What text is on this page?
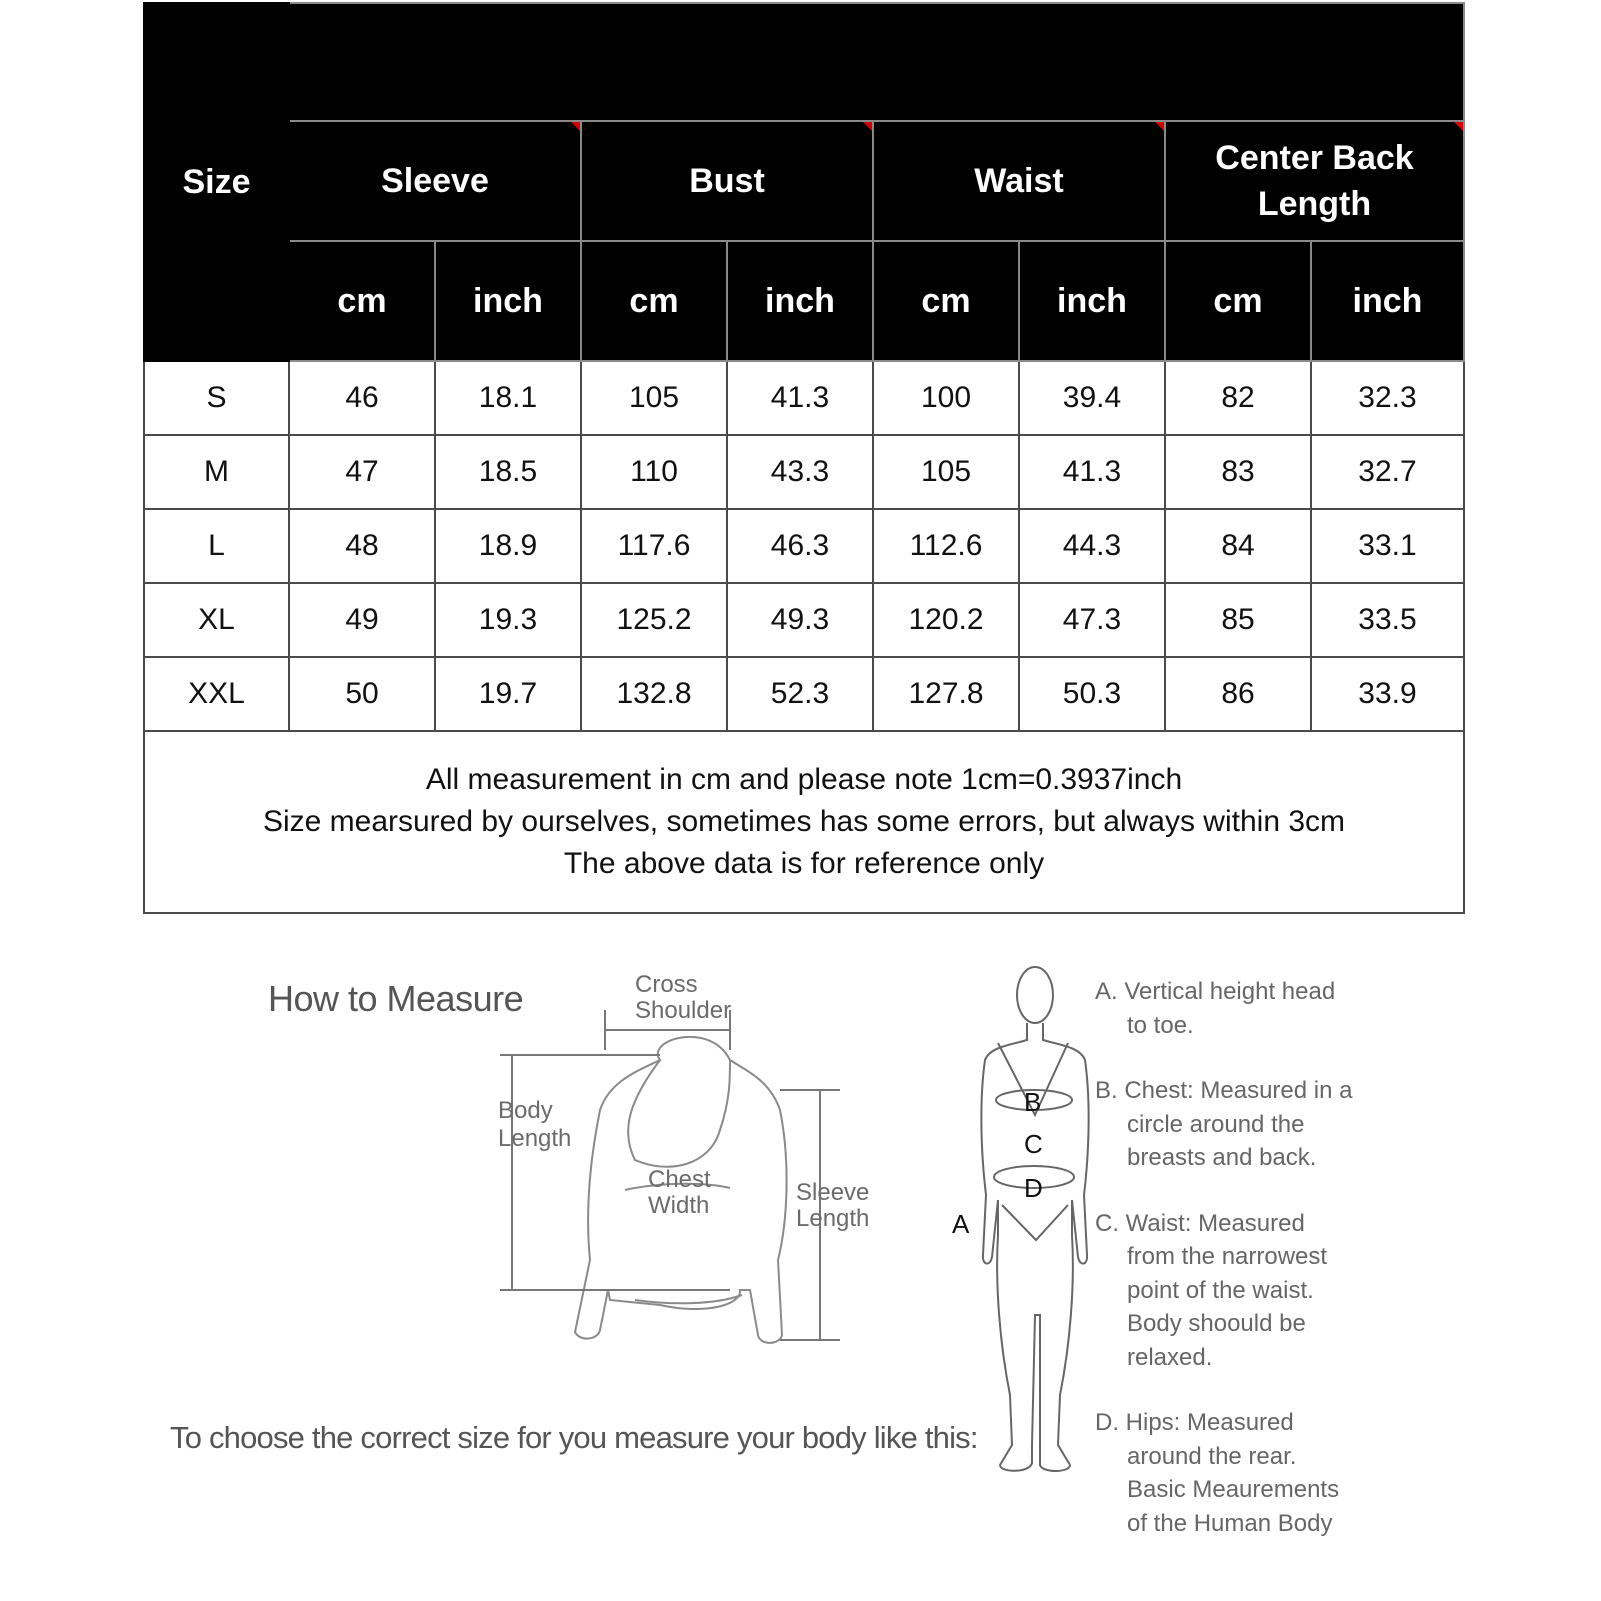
Size								
	Sleeve		Bust		Waist		Center Back
Length	

	cm	inch	cm	inch	cm	inch	cm	inch
S	46	18.1	105	41.3	100	39.4	82	32.3
M	47	18.5	110	43.3	105	41.3	83	32.7
L	48	18.9	117.6	46.3	112.6	44.3	84	33.1
XL	49	19.3	125.2	49.3	120.2	47.3	85	33.5
XXL	50	19.7	132.8	52.3	127.8	50.3	86	33.9

All measurement in cm and please note 1cm=0.3937inch
Size mearsured by ourselves, sometimes has some errors, but always within 3cm
The above data is for reference only								
How to Measure	Cross Shoulder
Body Length
Chest Width	Sleeve Length
To choose the correct size for you measure your body like this:
B
C
D
A
A. Vertical height head
to toe.
B. Chest: Measured in a
circle around the
breasts and back.
C. Waist: Measured
from the narrowest
point of the waist.
Body shoould be
relaxed.
D. Hips: Measured
around the rear.
Basic Meaurements
of the Human Body
